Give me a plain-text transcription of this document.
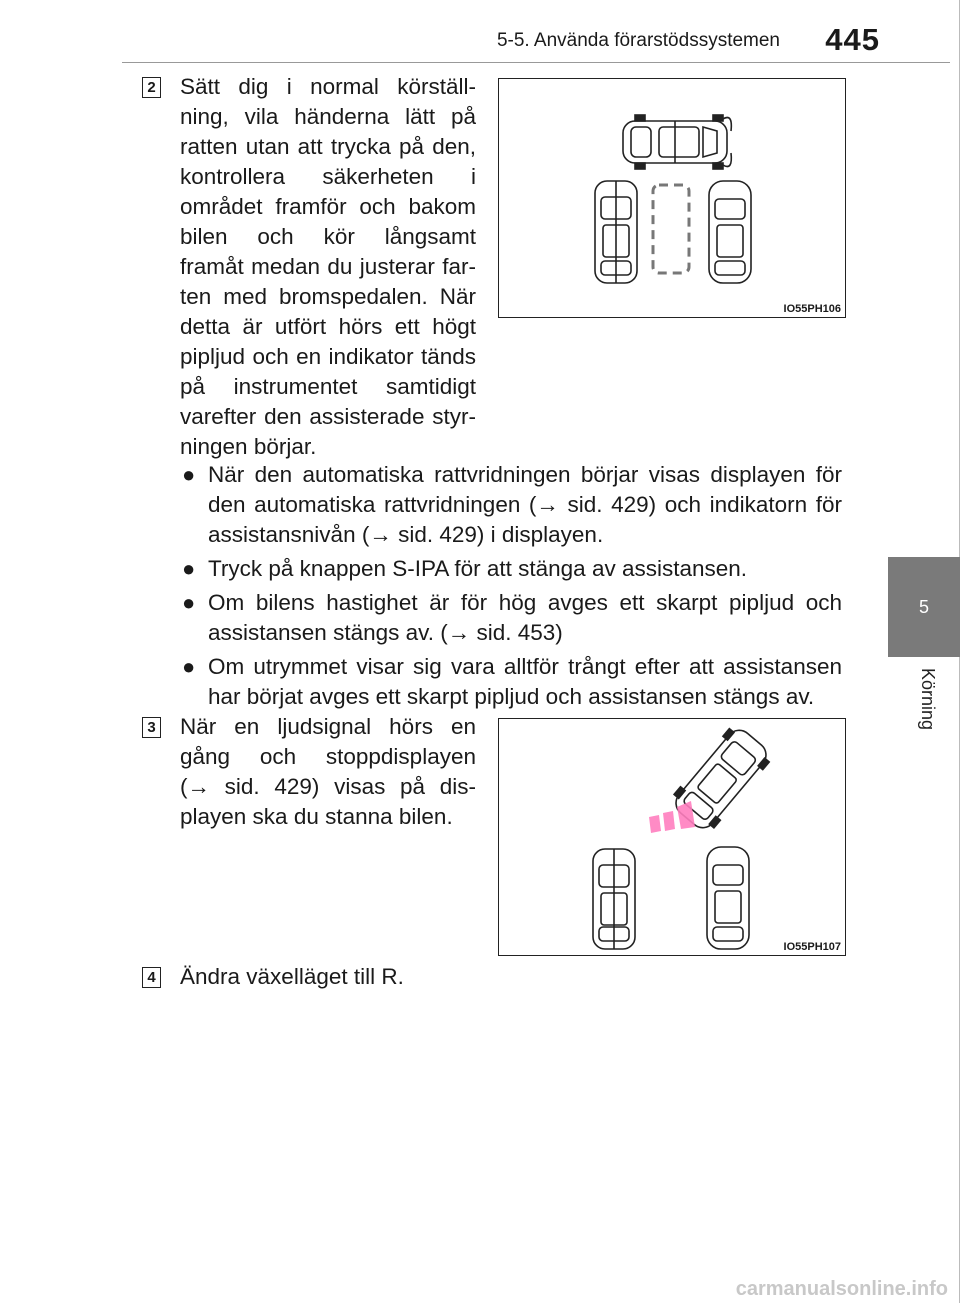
5-5. Använda förarstödssystemen	445
5
Körning
2 Sätt dig i normal körställ-
ning, vila händerna lätt på
ratten utan att trycka på den,
kontrollera säkerheten i
området framför och bakom
bilen och kör långsamt
framåt medan du justerar far-
ten med bromspedalen. När
detta är utfört hörs ett högt
pipljud och en indikator tänds
på instrumentet samtidigt
varefter den assisterade styr-
ningen börjar.
IO55PH106
● När den automatiska rattvridningen börjar visas displayen för
den automatiska rattvridningen (→ sid. 429) och indikatorn för
assistansnivån (→ sid. 429) i displayen.
● Tryck på knappen S-IPA för att stänga av assistansen.
● Om bilens hastighet är för hög avges ett skarpt pipljud och
assistansen stängs av. (→ sid. 453)
● Om utrymmet visar sig vara alltför trångt efter att assistansen
har börjat avges ett skarpt pipljud och assistansen stängs av.
3 När en ljudsignal hörs en
gång och stoppdisplayen
(→ sid. 429) visas på dis-
playen ska du stanna bilen.
IO55PH107
4 Ändra växelläget till R.
carmanualsonline.info
